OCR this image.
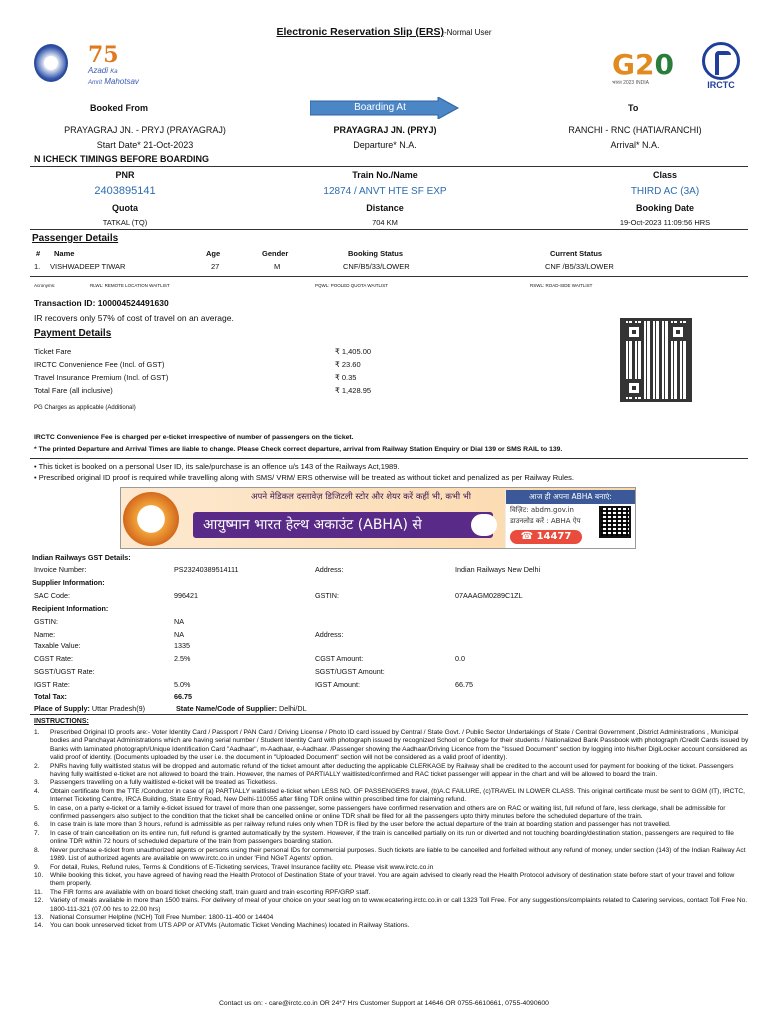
Electronic Reservation Slip (ERS)-Normal User
75
Azadi Ka
Amrit Mahotsav
G20
भारत 2023 INDIA	IRCTC
Booked From	Boarding At	To
PRAYAGRAJ JN. - PRYJ (PRAYAGRAJ)	PRAYAGRAJ JN. (PRYJ)	RANCHI - RNC (HATIA/RANCHI)
Start Date* 21-Oct-2023	Departure* N.A.	Arrival* N.A.
N ICHECK TIMINGS BEFORE BOARDING
PNR	Train No./Name	Class
2403895141	12874 / ANVT HTE SF EXP	THIRD AC (3A)
Quota	Distance	Booking Date
TATKAL (TQ)	704 KM	19-Oct-2023 11:09:56 HRS
Passenger Details
# Name	Age	Gender	Booking Status	Current Status
1. VISHWADEEP TIWAR	27	M	CNF/B5/33/LOWER	CNF /B5/33/LOWER
Acronyms:	RLWL: REMOTE LOCATION WAITLIST	PQWL: POOLED QUOTA WAITLIST	RSWL: ROAD-SIDE WAITLIST
Transaction ID: 100004524491630
IR recovers only 57% of cost of travel on an average.
Payment Details
Ticket Fare	₹ 1,405.00
IRCTC Convenience Fee (Incl. of GST)	₹ 23.60
Travel Insurance Premium (Incl. of GST)	₹ 0.35
Total Fare (all inclusive)	₹ 1,428.95
PG Charges as applicable (Additional)
IRCTC Convenience Fee is charged per e-ticket irrespective of number of passengers on the ticket.
* The printed Departure and Arrival Times are liable to change. Please Check correct departure, arrival from Railway Station Enquiry or Dial 139 or SMS RAIL to 139.
• This ticket is booked on a personal User ID, its sale/purchase is an offence u/s 143 of the Railways Act,1989.
• Prescribed original ID proof is required while travelling along with SMS/ VRM/ ERS otherwise will be treated as without ticket and penalized as per Railway Rules.
अपने मेडिकल दस्तावेज़ डिजिटली स्टोर और शेयर करें कहीं भी, कभी भी
आयुष्मान भारत हेल्थ अकाउंट (ABHA) से
आज ही अपना ABHA बनाएं:
विज़िट: abdm.gov.in
डाउनलोड करें : ABHA ऐप
☎ 14477
Indian Railways GST Details:
Invoice Number:	PS23240389514111	Address:	Indian Railways New Delhi
Supplier Information:
SAC Code:	996421	GSTIN:	07AAAGM0289C1ZL
Recipient Information:
GSTIN:	NA
Name:	NA	Address:
Taxable Value:	1335
CGST Rate:	2.5%	CGST Amount:	0.0
SGST/UGST Rate:	SGST/UGST Amount:
IGST Rate:	5.0%	IGST Amount:	66.75
Total Tax:	66.75
Place of Supply: Uttar Pradesh(9)	State Name/Code of Supplier: Delhi/DL
INSTRUCTIONS:
1.	Prescribed Original ID proofs are:- Voter Identity Card / Passport / PAN Card / Driving License / Photo ID card issued by Central / State Govt. / Public Sector Undertakings of State / Central Government ,District Administrations , Municipal bodies and Panchayat Administrations which are having serial number / Student Identity Card with photograph issued by recognized School or College for their students / Nationalized Bank Passbook with photograph /Credit Cards issued by Banks with laminated photograph/Unique Identification Card "Aadhaar", m-Aadhaar, e-Aadhaar. /Passenger showing the Aadhaar/Driving Licence from the "Issued Document" section by logging into his/her DigiLocker account considered as valid proof of identity. (Documents uploaded by the user i.e. the document in "Uploaded Document" section will not be considered as a valid proof of identity).
2.	PNRs having fully waitlisted status will be dropped and automatic refund of the ticket amount after deducting the applicable CLERKAGE by Railway shall be credited to the account used for payment for booking of the ticket. Passengers having fully waitlisted e-ticket are not allowed to board the train. However, the names of PARTIALLY waitlisted/confirmed and RAC ticket passenger will appear in the chart and will be allowed to board the train.
3.	Passengers travelling on a fully waitlisted e-ticket will be treated as Ticketless.
4.	Obtain certificate from the TTE /Conductor in case of (a) PARTIALLY waitlisted e-ticket when LESS NO. OF PASSENGERS travel, (b)A.C FAILURE, (c)TRAVEL IN LOWER CLASS. This original certificate must be sent to GGM (IT), IRCTC, Internet Ticketing Centre, IRCA Building, State Entry Road, New Delhi-110055 after filing TDR online within prescribed time for claiming refund.
5.	In case, on a party e-ticket or a family e-ticket issued for travel of more than one passenger, some passengers have confirmed reservation and others are on RAC or waiting list, full refund of fare, less clerkage, shall be admissible for confirmed passengers also subject to the condition that the ticket shall be cancelled online or online TDR shall be filed for all the passengers upto thirty minutes before the scheduled departure of the train.
6.	In case train is late more than 3 hours, refund is admissible as per railway refund rules only when TDR is filed by the user before the actual departure of the train at boarding station and passenger has not travelled.
7.	In case of train cancellation on its entire run, full refund is granted automatically by the system. However, if the train is cancelled partially on its run or diverted and not touching boarding/destination station, passengers are required to file online TDR within 72 hours of scheduled departure of the train from passengers boarding station.
8.	Never purchase e-ticket from unauthorized agents or persons using their personal IDs for commercial purposes. Such tickets are liable to be cancelled and forfeited without any refund of money, under section (143) of the Indian Railway Act 1989. List of authorized agents are available on www.irctc.co.in under 'Find NGeT Agents' option.
9.	For detail, Rules, Refund rules, Terms & Conditions of E-Ticketing services, Travel Insurance facility etc. Please visit www.irctc.co.in
10.	While booking this ticket, you have agreed of having read the Health Protocol of Destination State of your travel. You are again advised to clearly read the Health Protocol advisory of destination state before start of your travel and follow them properly.
11.	The FIR forms are available with on board ticket checking staff, train guard and train escorting RPF/GRP staff.
12.	Variety of meals available in more than 1500 trains. For delivery of meal of your choice on your seat log on to www.ecatering.irctc.co.in or call 1323 Toll Free. For any suggestions/complaints related to Catering services, contact Toll Free No. 1800-111-321 (07.00 hrs to 22.00 hrs)
13.	National Consumer Helpline (NCH) Toll Free Number: 1800-11-400 or 14404
14.	You can book unreserved ticket from UTS APP or ATVMs (Automatic Ticket Vending Machines) located in Railway Stations.
Contact us on: - care@irctc.co.in OR 24*7 Hrs Customer Support at 14646 OR 0755-6610661, 0755-4090600
